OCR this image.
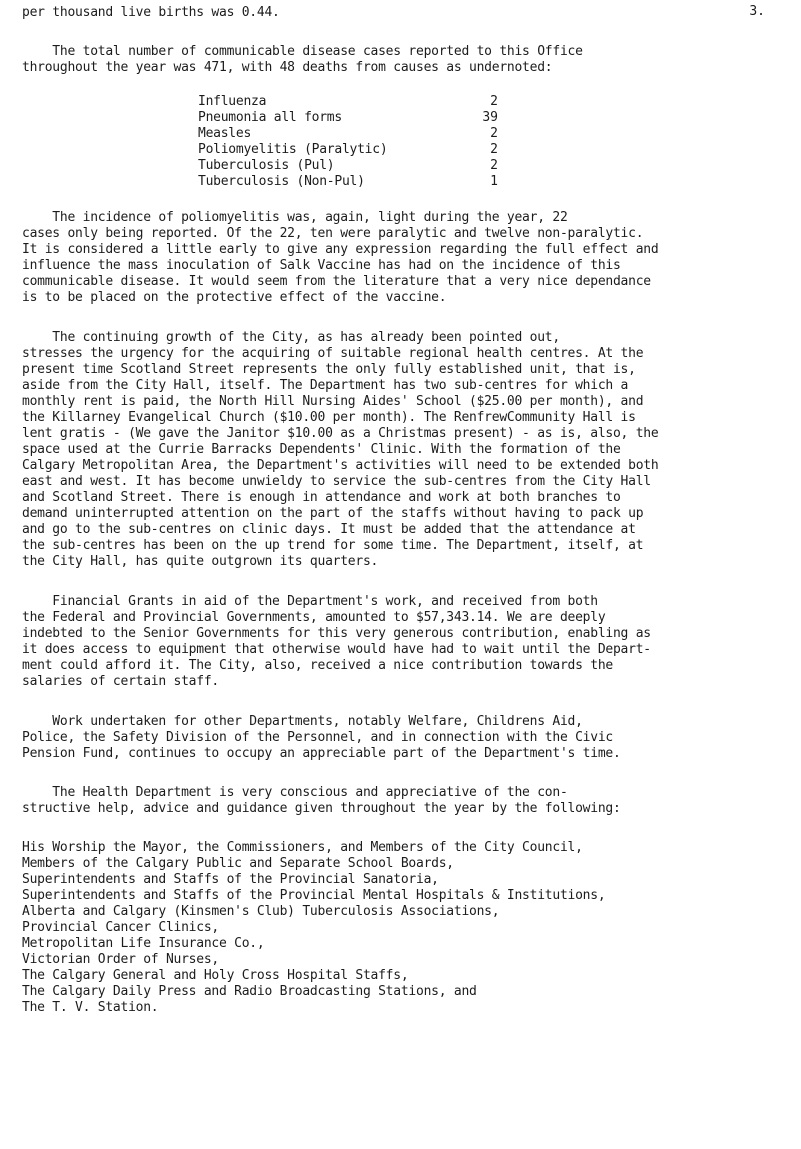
3.
per thousand live births was 0.44.
The total number of communicable disease cases reported to this Office
throughout the year was 471, with 48 deaths from causes as undernoted:
Influenza	2
Pneumonia all forms	39
Measles	2
Poliomyelitis (Paralytic)	2
Tuberculosis (Pul)	2
Tuberculosis (Non-Pul)	1
The incidence of poliomyelitis was, again, light during the year, 22
cases only being reported. Of the 22, ten were paralytic and twelve non-paralytic.
It is considered a little early to give any expression regarding the full effect and
influence the mass inoculation of Salk Vaccine has had on the incidence of this
communicable disease. It would seem from the literature that a very nice dependance
is to be placed on the protective effect of the vaccine.
The continuing growth of the City, as has already been pointed out,
stresses the urgency for the acquiring of suitable regional health centres. At the
present time Scotland Street represents the only fully established unit, that is,
aside from the City Hall, itself. The Department has two sub-centres for which a
monthly rent is paid, the North Hill Nursing Aides' School ($25.00 per month), and
the Killarney Evangelical Church ($10.00 per month). The RenfrewCommunity Hall is
lent gratis - (We gave the Janitor $10.00 as a Christmas present) - as is, also, the
space used at the Currie Barracks Dependents' Clinic. With the formation of the
Calgary Metropolitan Area, the Department's activities will need to be extended both
east and west. It has become unwieldy to service the sub-centres from the City Hall
and Scotland Street. There is enough in attendance and work at both branches to
demand uninterrupted attention on the part of the staffs without having to pack up
and go to the sub-centres on clinic days. It must be added that the attendance at
the sub-centres has been on the up trend for some time. The Department, itself, at
the City Hall, has quite outgrown its quarters.
Financial Grants in aid of the Department's work, and received from both
the Federal and Provincial Governments, amounted to $57,343.14. We are deeply
indebted to the Senior Governments for this very generous contribution, enabling as
it does access to equipment that otherwise would have had to wait until the Depart-
ment could afford it. The City, also, received a nice contribution towards the
salaries of certain staff.
Work undertaken for other Departments, notably Welfare, Childrens Aid,
Police, the Safety Division of the Personnel, and in connection with the Civic
Pension Fund, continues to occupy an appreciable part of the Department's time.
The Health Department is very conscious and appreciative of the con-
structive help, advice and guidance given throughout the year by the following:
His Worship the Mayor, the Commissioners, and Members of the City Council,
Members of the Calgary Public and Separate School Boards,
Superintendents and Staffs of the Provincial Sanatoria,
Superintendents and Staffs of the Provincial Mental Hospitals & Institutions,
Alberta and Calgary (Kinsmen's Club) Tuberculosis Associations,
Provincial Cancer Clinics,
Metropolitan Life Insurance Co.,
Victorian Order of Nurses,
The Calgary General and Holy Cross Hospital Staffs,
The Calgary Daily Press and Radio Broadcasting Stations, and
The T. V. Station.
